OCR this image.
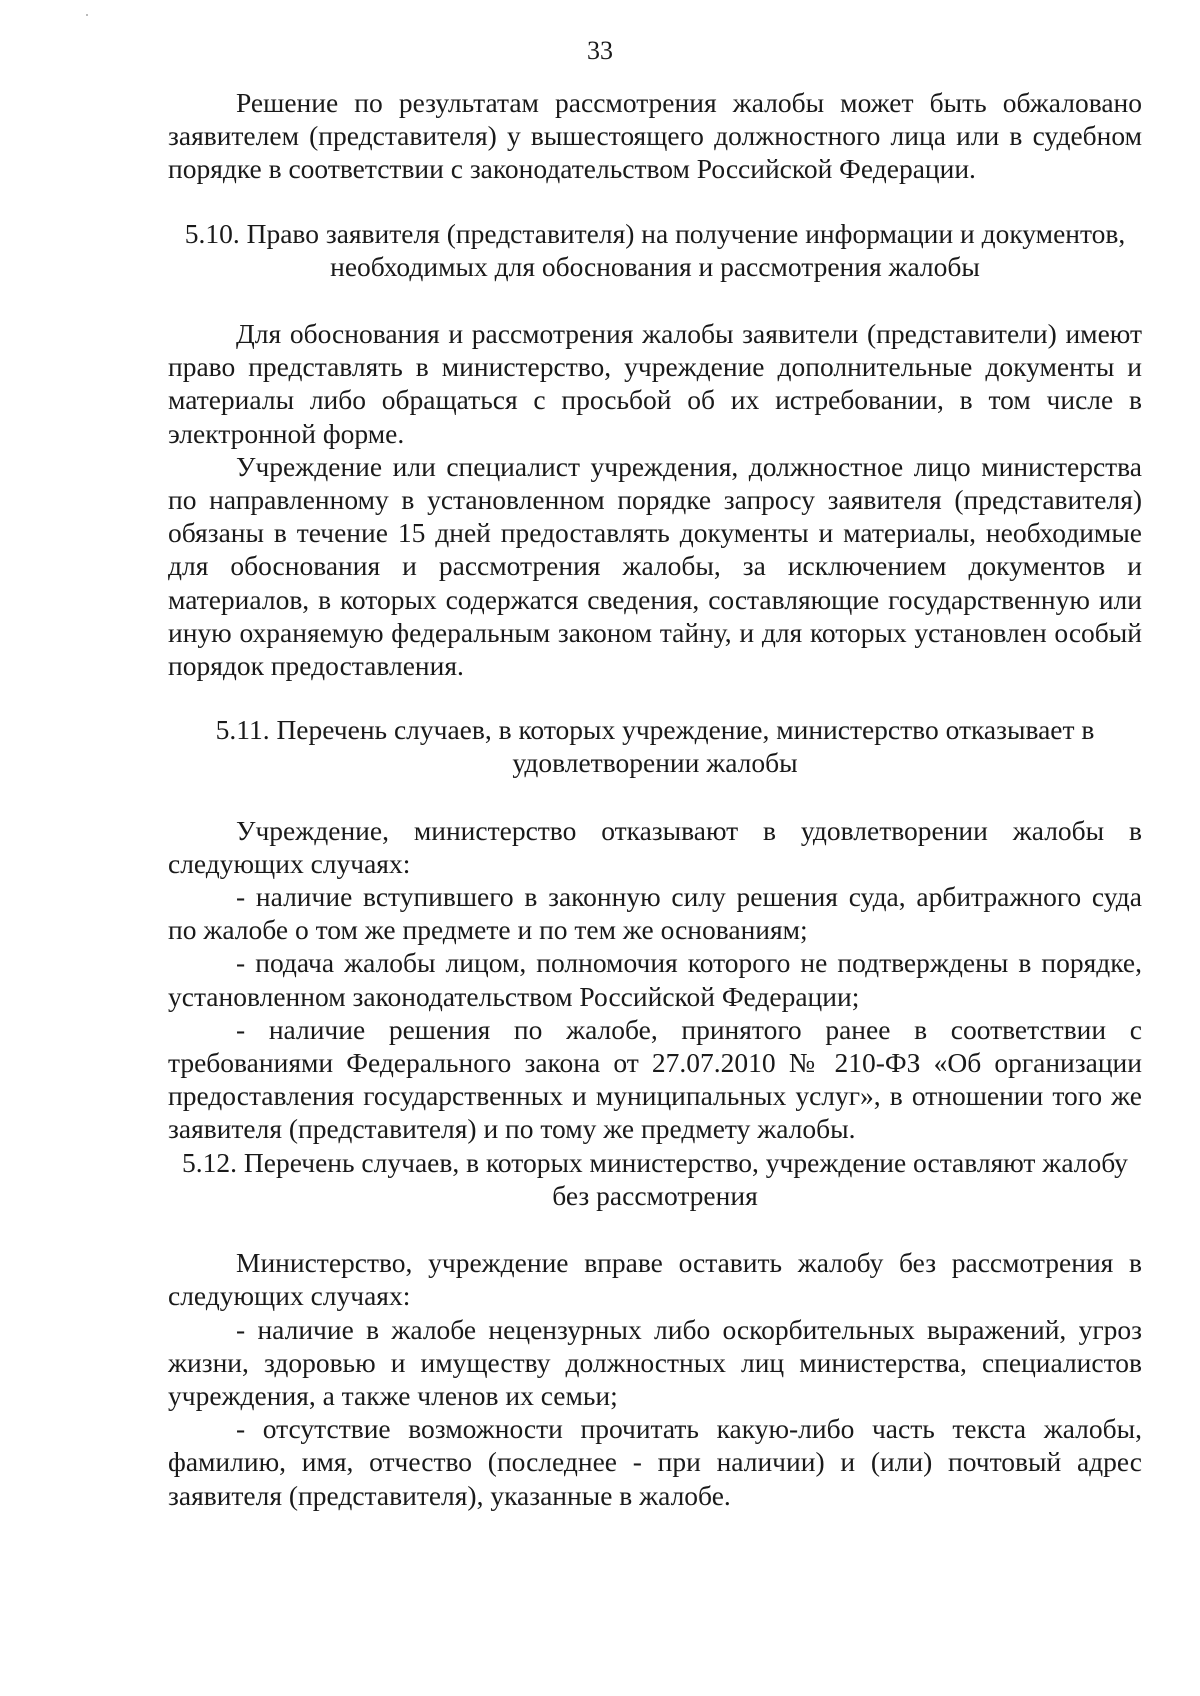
33

Решение по результатам рассмотрения жалобы может быть обжаловано заявителем (представителя) у вышестоящего должностного лица или в судебном порядке в соответствии с законодательством Российской Федерации.

5.10. Право заявителя (представителя) на получение информации и документов, необходимых для обоснования и рассмотрения жалобы

Для обоснования и рассмотрения жалобы заявители (представители) имеют право представлять в министерство, учреждение дополнительные документы и материалы либо обращаться с просьбой об их истребовании, в том числе в электронной форме.

Учреждение или специалист учреждения, должностное лицо министерства по направленному в установленном порядке запросу заявителя (представителя) обязаны в течение 15 дней предоставлять документы и материалы, необходимые для обоснования и рассмотрения жалобы, за исключением документов и материалов, в которых содержатся сведения, составляющие государственную или иную охраняемую федеральным законом тайну, и для которых установлен особый порядок предоставления.

5.11. Перечень случаев, в которых учреждение, министерство отказывает в удовлетворении жалобы

Учреждение, министерство отказывают в удовлетворении жалобы в следующих случаях:

- наличие вступившего в законную силу решения суда, арбитражного суда по жалобе о том же предмете и по тем же основаниям;

- подача жалобы лицом, полномочия которого не подтверждены в порядке, установленном законодательством Российской Федерации;

- наличие решения по жалобе, принятого ранее в соответствии с требованиями Федерального закона от 27.07.2010 № 210-ФЗ «Об организации предоставления государственных и муниципальных услуг», в отношении того же заявителя (представителя) и по тому же предмету жалобы.

5.12. Перечень случаев, в которых министерство, учреждение оставляют жалобу без рассмотрения

Министерство, учреждение вправе оставить жалобу без рассмотрения в следующих случаях:

- наличие в жалобе нецензурных либо оскорбительных выражений, угроз жизни, здоровью и имуществу должностных лиц министерства, специалистов учреждения, а также членов их семьи;

- отсутствие возможности прочитать какую-либо часть текста жалобы, фамилию, имя, отчество (последнее - при наличии) и (или) почтовый адрес заявителя (представителя), указанные в жалобе.
